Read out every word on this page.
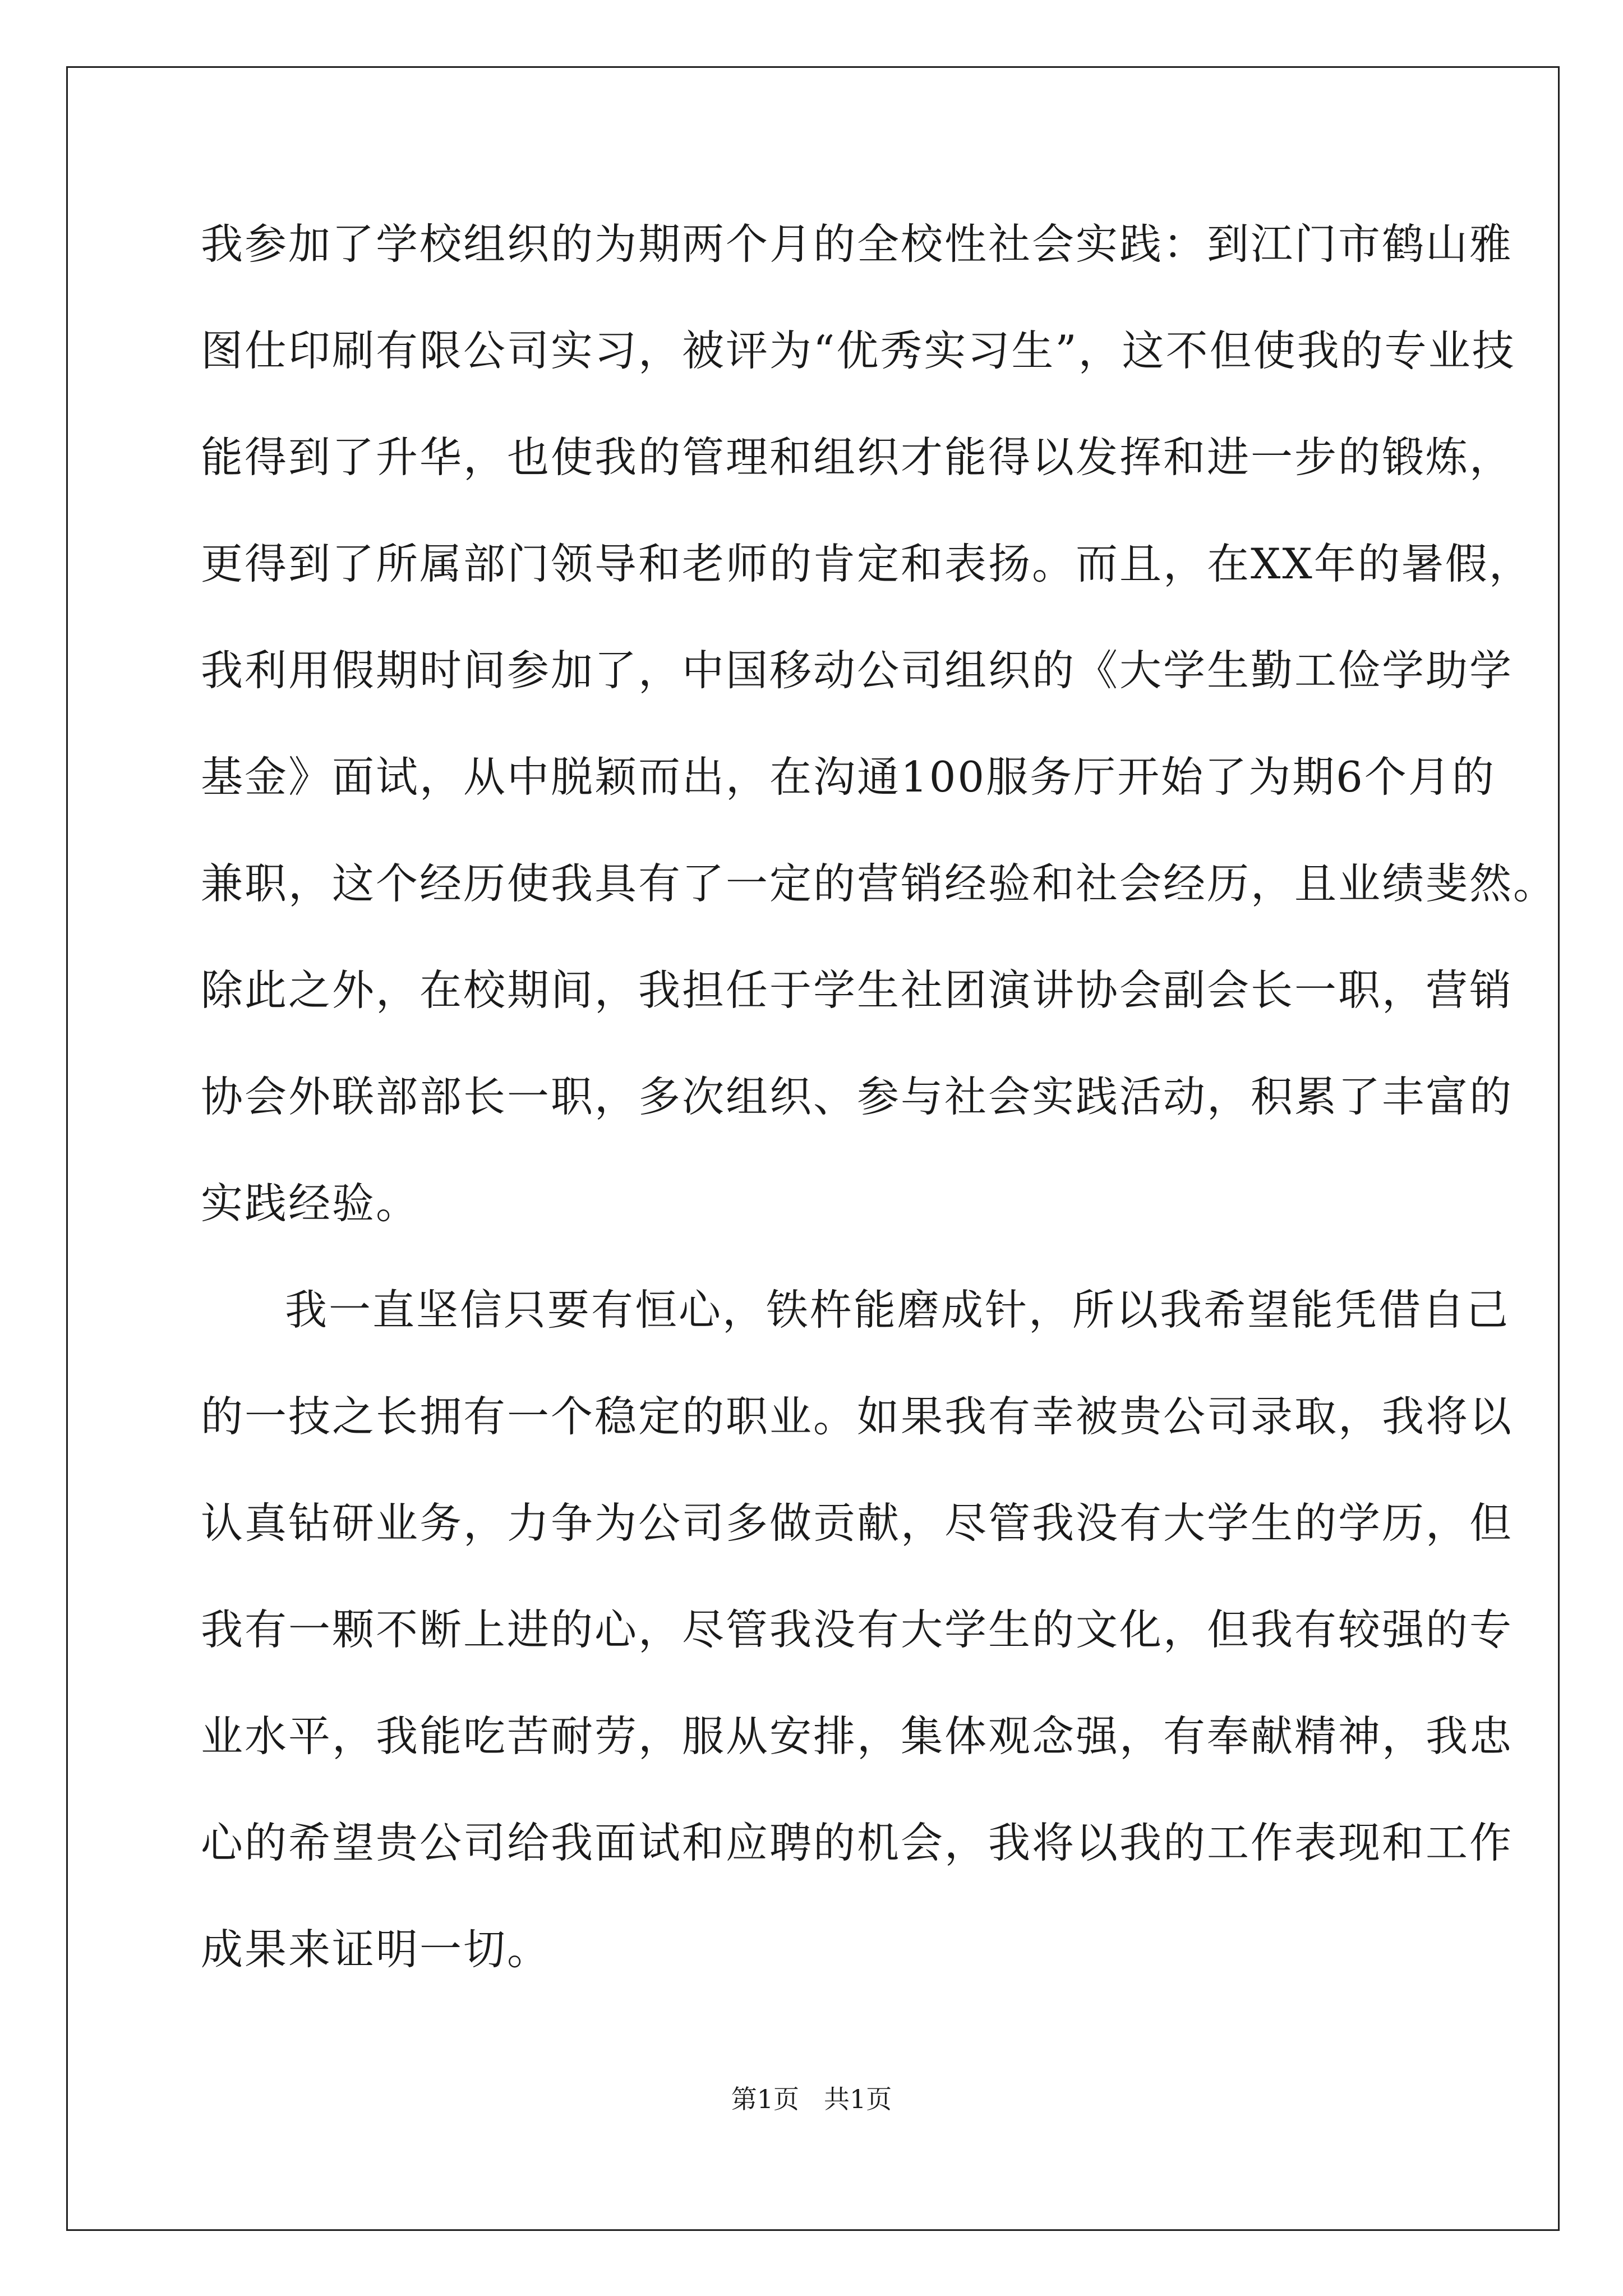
我参加了学校组织的为期两个月的全校性社会实践：到江门市鹤山雅
图仕印刷有限公司实习，被评为“优秀实习生”，这不但使我的专业技
能得到了升华，也使我的管理和组织才能得以发挥和进一步的锻炼，
更得到了所属部门领导和老师的肯定和表扬。而且，在XX年的暑假，
我利用假期时间参加了，中国移动公司组织的《大学生勤工俭学助学
基金》面试，从中脱颖而出，在沟通100服务厅开始了为期6个月的
兼职，这个经历使我具有了一定的营销经验和社会经历，且业绩斐然。
除此之外，在校期间，我担任于学生社团演讲协会副会长一职，营销
协会外联部部长一职，多次组织、参与社会实践活动，积累了丰富的
实践经验。
我一直坚信只要有恒心，铁杵能磨成针，所以我希望能凭借自己
的一技之长拥有一个稳定的职业。如果我有幸被贵公司录取，我将以
认真钻研业务，力争为公司多做贡献，尽管我没有大学生的学历，但
我有一颗不断上进的心，尽管我没有大学生的文化，但我有较强的专
业水平，我能吃苦耐劳，服从安排，集体观念强，有奉献精神，我忠
心的希望贵公司给我面试和应聘的机会，我将以我的工作表现和工作
成果来证明一切。
第1页 共1页
